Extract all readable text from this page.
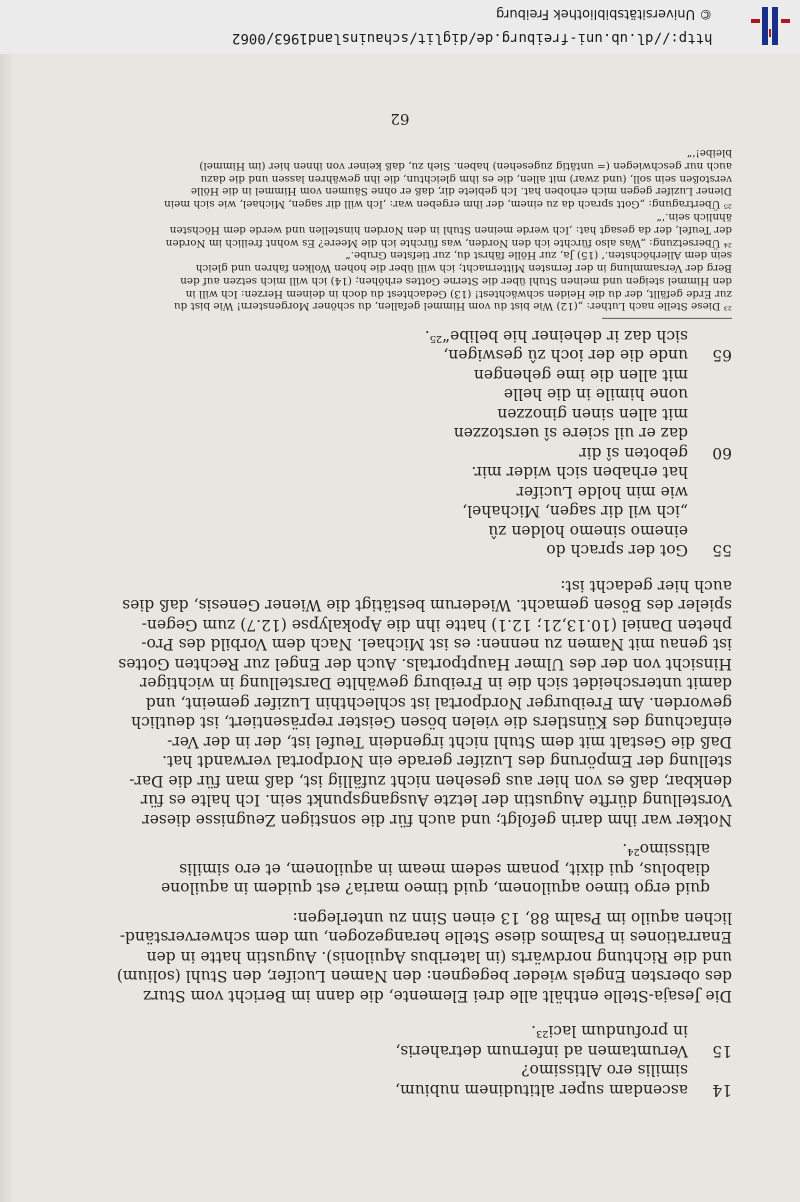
http://dl.ub.uni-freiburg.de/diglit/schauinsland1963/0062
© Universitätsbibliothek Freiburg
14
ascendam super altitudinem nubium,
similis ero Altissimo?
15
Verumtamen ad infernum detraheris,
in profundum laci²³.
Die Jesaja-Stelle enthält alle drei Elemente, die dann im Bericht vom Sturz
des obersten Engels wieder begegnen: den Namen Lucifer, den Stuhl (solium)
und die Richtung nordwärts (in lateribus Aquilonis). Augustin hatte in den
Enarrationes in Psalmos diese Stelle herangezogen, um dem schwerverständ-
lichen aquilo im Psalm 88, 13 einen Sinn zu unterlegen:
quid ergo timeo aquilonem, quid timeo maria? est quidem in aquilone
diabolus, qui dixit, ponam sedem meam in aquilonem, et ero similis
altissimo²⁴.
Notker war ihm darin gefolgt; und auch für die sonstigen Zeugnisse dieser
Vorstellung dürfte Augustin der letzte Ausgangspunkt sein. Ich halte es für
denkbar, daß es von hier aus gesehen nicht zufällig ist, daß man für die Dar-
stellung der Empörung des Luzifer gerade ein Nordportal verwandt hat.
Daß die Gestalt mit dem Stuhl nicht irgendein Teufel ist, der in der Ver-
einfachung des Künstlers die vielen bösen Geister repräsentiert, ist deutlich
geworden. Am Freiburger Nordportal ist schlechthin Luzifer gemeint, und
damit unterscheidet sich die in Freiburg gewählte Darstellung in wichtiger
Hinsicht von der des Ulmer Hauptportals. Auch der Engel zur Rechten Gottes
ist genau mit Namen zu nennen: es ist Michael. Nach dem Vorbild des Pro-
pheten Daniel (10.13,21; 12.1) hatte ihn die Apokalypse (12.7) zum Gegen-
spieler des Bösen gemacht. Wiederum bestätigt die Wiener Genesis, daß dies
auch hier gedacht ist:
55
Got der sprach do
einemo sinemo holden zû
„ich wil dir sagen, Michahel,
wie min holde Lucifer
hat erhaben sich wider mir.
60
geboten sî dir
daz er uil sciere sî uerstozzen
mit allen sinen ginozzen
uone himile in die helle
mit allen die ime gehengen
65
unde die der ioch zû geswigen,
sich daz ir deheiner hie belibe“²⁵.
²³ Diese Stelle nach Luther: „(12) Wie bist du vom Himmel gefallen, du schöner Morgenstern! Wie bist du
zur Erde gefällt, der du die Heiden schwächtest! (13) Gedachtest du doch in deinem Herzen: Ich will in
den Himmel steigen und meinen Stuhl über die Sterne Gottes erhöhen; (14) ich will mich setzen auf den
Berg der Versammlung in der fernsten Mitternacht; ich will über die hohen Wolken fahren und gleich
sein dem Allerhöchsten.‘ (15) Ja, zur Hölle fährst du, zur tiefsten Grube.“
²⁴ Übersetzung: „Was also fürchte ich den Norden, was fürchte ich die Meere? Es wohnt freilich im Norden
der Teufel, der da gesagt hat: ‚Ich werde meinen Stuhl in den Norden hinstellen und werde dem Höchsten
ähnlich sein.‘“
²⁵ Übertragung: „Gott sprach da zu einem, der ihm ergeben war: ‚Ich will dir sagen, Michael, wie sich mein
Diener Luzifer gegen mich erhoben hat. Ich gebiete dir, daß er ohne Säumen vom Himmel in die Hölle
verstoßen sein soll, (und zwar) mit allen, die es ihm gleichtun, die ihn gewähren lassen und die dazu
auch nur geschwiegen (= untätig zugesehen) haben. Sieh zu, daß keiner von ihnen hier (im Himmel)
bleibe!‘“
62
